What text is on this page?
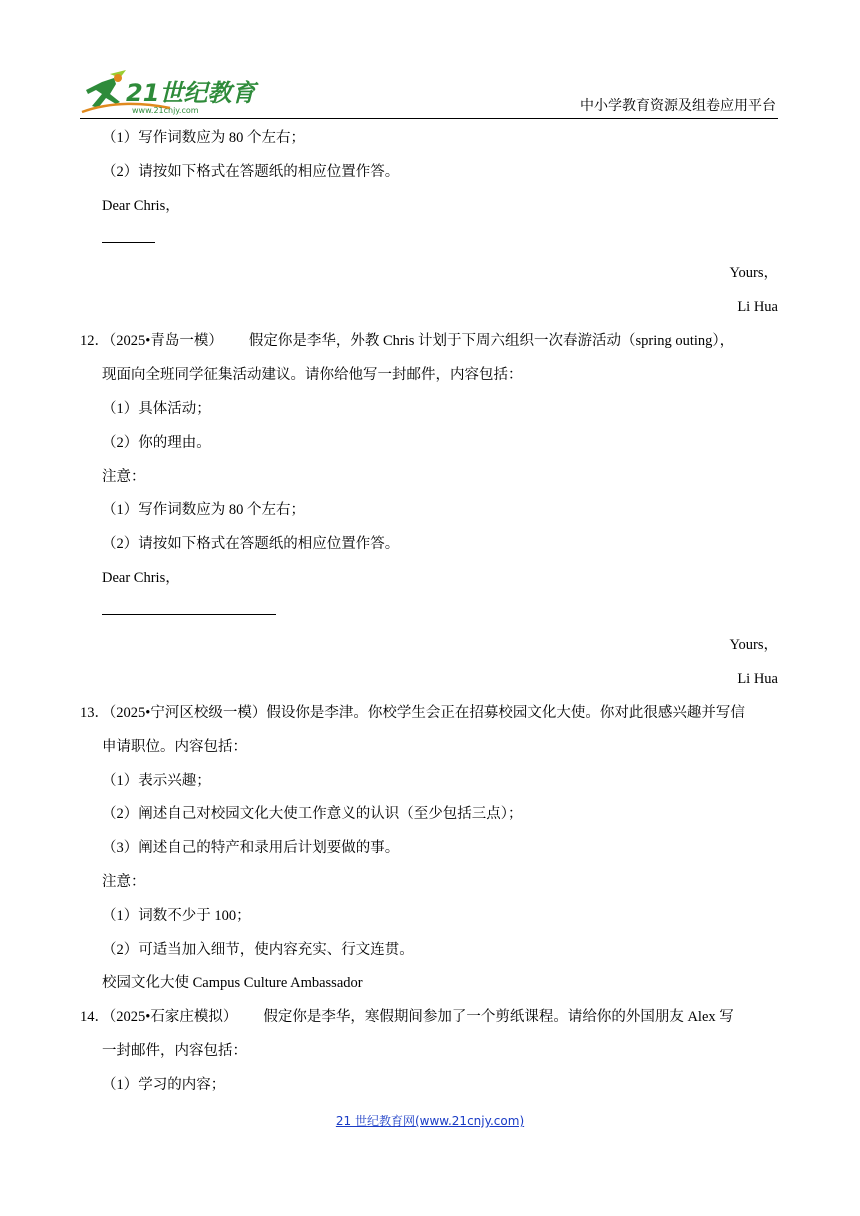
21世纪教育
www.21cnjy.com	中小学教育资源及组卷应用平台
（1）写作词数应为 80 个左右；
（2）请按如下格式在答题纸的相应位置作答。
Dear Chris，
Yours，
Li Hua
12．（2025•青岛一模） 假定你是李华，外教 Chris 计划于下周六组织一次春游活动（spring outing），
现面向全班同学征集活动建议。请你给他写一封邮件，内容包括：
（1）具体活动；
（2）你的理由。
注意：
（1）写作词数应为 80 个左右；
（2）请按如下格式在答题纸的相应位置作答。
Dear Chris，
Yours，
Li Hua
13．（2025•宁河区校级一模）假设你是李津。你校学生会正在招募校园文化大使。你对此很感兴趣并写信
申请职位。内容包括：
（1）表示兴趣；
（2）阐述自己对校园文化大使工作意义的认识（至少包括三点）；
（3）阐述自己的特产和录用后计划要做的事。
注意：
（1）词数不少于 100；
（2）可适当加入细节，使内容充实、行文连贯。
校园文化大使 Campus Culture Ambassador
14．（2025•石家庄模拟） 假定你是李华，寒假期间参加了一个剪纸课程。请给你的外国朋友 Alex 写
一封邮件，内容包括：
（1）学习的内容；
21 世纪教育网(www.21cnjy.com)
